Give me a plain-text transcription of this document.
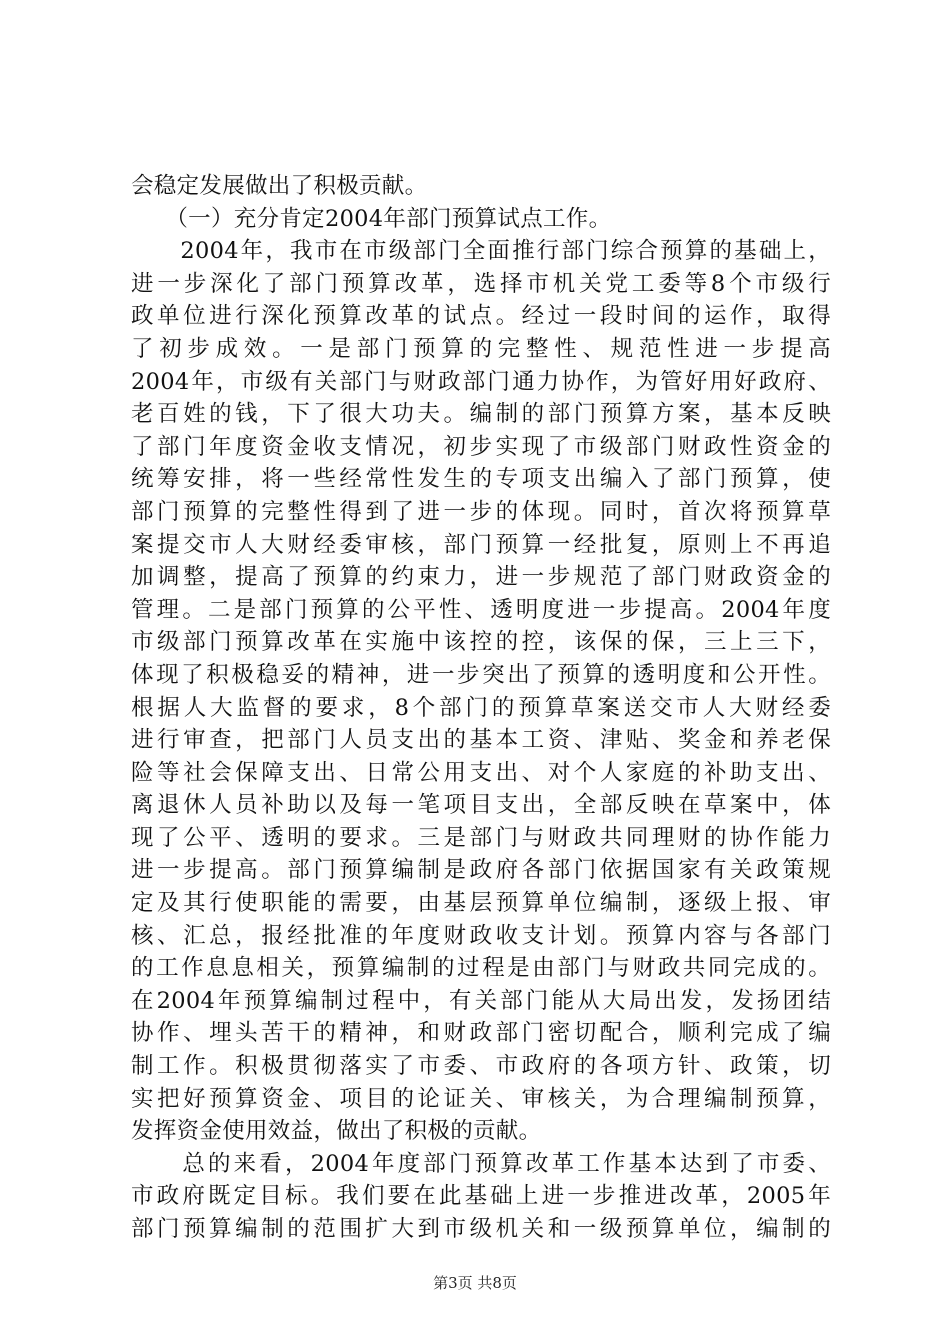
会稳定发展做出了积极贡献。
　　（一）充分肯定2004年部门预算试点工作。
　　2004年，我市在市级部门全面推行部门综合预算的基础上，
进一步深化了部门预算改革，选择市机关党工委等8个市级行
政单位进行深化预算改革的试点。经过一段时间的运作，取得
了初步成效。一是部门预算的完整性、规范性进一步提高
2004年，市级有关部门与财政部门通力协作，为管好用好政府、
老百姓的钱，下了很大功夫。编制的部门预算方案，基本反映
了部门年度资金收支情况，初步实现了市级部门财政性资金的
统筹安排，将一些经常性发生的专项支出编入了部门预算，使
部门预算的完整性得到了进一步的体现。同时，首次将预算草
案提交市人大财经委审核，部门预算一经批复，原则上不再追
加调整，提高了预算的约束力，进一步规范了部门财政资金的
管理。二是部门预算的公平性、透明度进一步提高。2004年度
市级部门预算改革在实施中该控的控，该保的保，三上三下，
体现了积极稳妥的精神，进一步突出了预算的透明度和公开性。
根据人大监督的要求，8个部门的预算草案送交市人大财经委
进行审查，把部门人员支出的基本工资、津贴、奖金和养老保
险等社会保障支出、日常公用支出、对个人家庭的补助支出、
离退休人员补助以及每一笔项目支出，全部反映在草案中，体
现了公平、透明的要求。三是部门与财政共同理财的协作能力
进一步提高。部门预算编制是政府各部门依据国家有关政策规
定及其行使职能的需要，由基层预算单位编制，逐级上报、审
核、汇总，报经批准的年度财政收支计划。预算内容与各部门
的工作息息相关，预算编制的过程是由部门与财政共同完成的。
在2004年预算编制过程中，有关部门能从大局出发，发扬团结
协作、埋头苦干的精神，和财政部门密切配合，顺利完成了编
制工作。积极贯彻落实了市委、市政府的各项方针、政策，切
实把好预算资金、项目的论证关、审核关，为合理编制预算，
发挥资金使用效益，做出了积极的贡献。
　　总的来看，2004年度部门预算改革工作基本达到了市委、
市政府既定目标。我们要在此基础上进一步推进改革，2005年
部门预算编制的范围扩大到市级机关和一级预算单位，编制的
第3页 共8页
